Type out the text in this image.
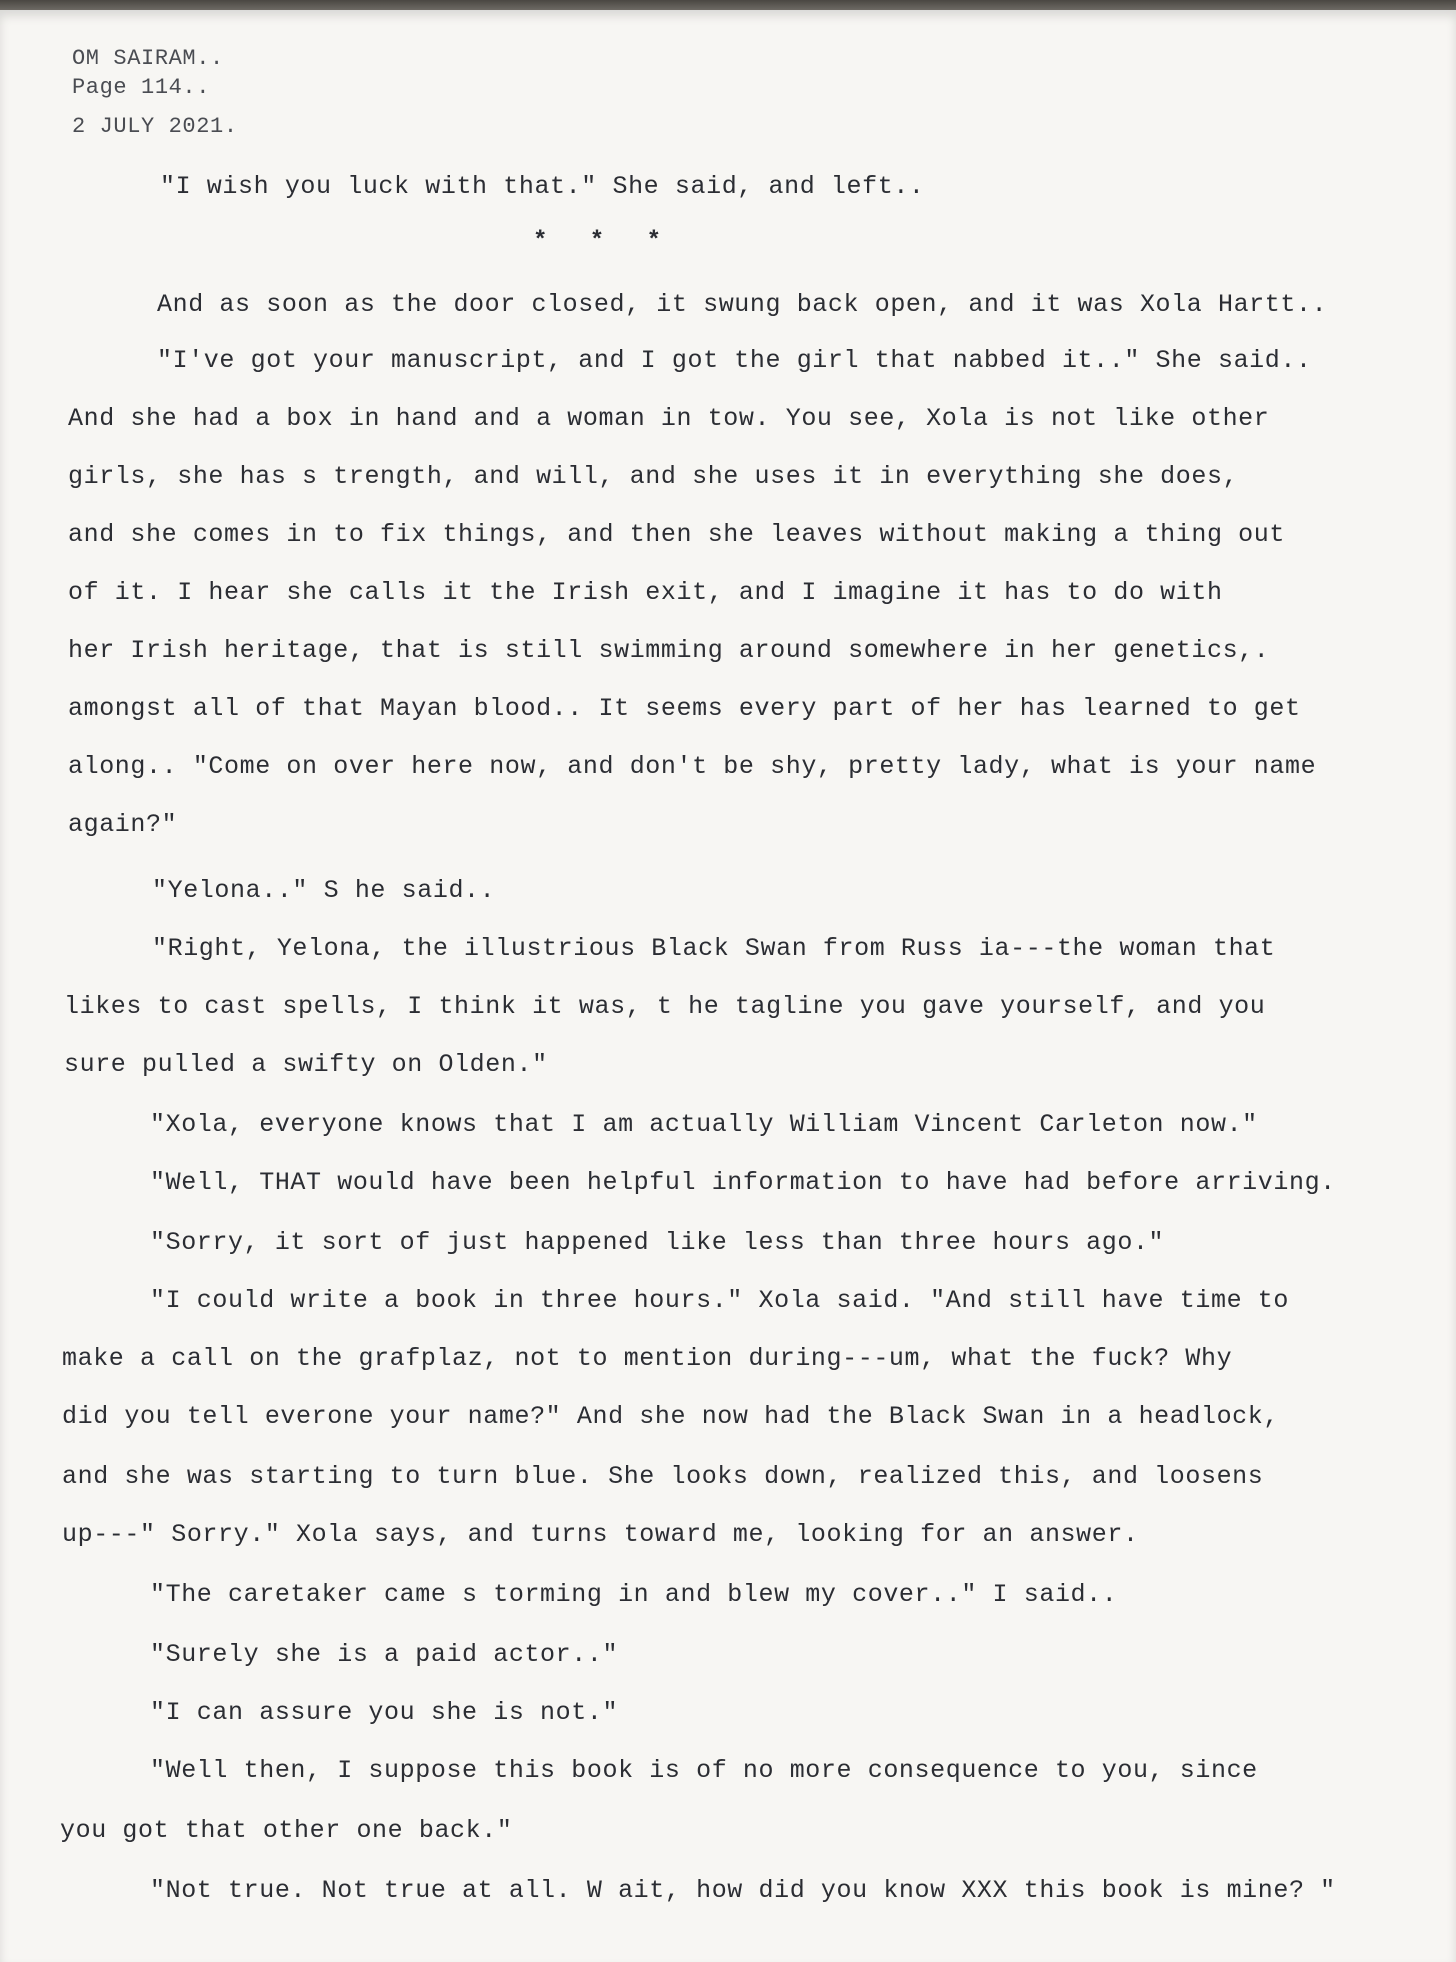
OM SAIRAM..
Page 114..
2 JULY 2021.
"I wish you luck with that." She said, and left..
* * *
And as soon as the door closed, it swung back open, and it was Xola Hartt..
"I've got your manuscript, and I got the girl that nabbed it.." She said..
And she had a box in hand and a woman in tow. You see, Xola is not like other
girls, she has s trength, and will, and she uses it in everything she does,
and she comes in to fix things, and then she leaves without making a thing out
of it. I hear she calls it the Irish exit, and I imagine it has to do with
her Irish heritage, that is still swimming around somewhere in her genetics,.
amongst all of that Mayan blood.. It seems every part of her has learned to get
along.. "Come on over here now, and don't be shy, pretty lady, what is your name
again?"
"Yelona.." S he said..
"Right, Yelona, the illustrious Black Swan from Russ ia---the woman that
likes to cast spells, I think it was, t he tagline you gave yourself, and you
sure pulled a swifty on Olden."
"Xola, everyone knows that I am actually William Vincent Carleton now."
"Well, THAT would have been helpful information to have had before arriving.
"Sorry, it sort of just happened like less than three hours ago."
"I could write a book in three hours." Xola said. "And still have time to
make a call on the grafplaz, not to mention during---um, what the fuck? Why
did you tell everone your name?" And she now had the Black Swan in a headlock,
and she was starting to turn blue. She looks down, realized this, and loosens
up---" Sorry." Xola says, and turns toward me, looking for an answer.
"The caretaker came s torming in and blew my cover.." I said..
"Surely she is a paid actor.."
"I can assure you she is not."
"Well then, I suppose this book is of no more consequence to you, since
you got that other one back."
"Not true. Not true at all. W ait, how did you know XXX this book is mine? "
